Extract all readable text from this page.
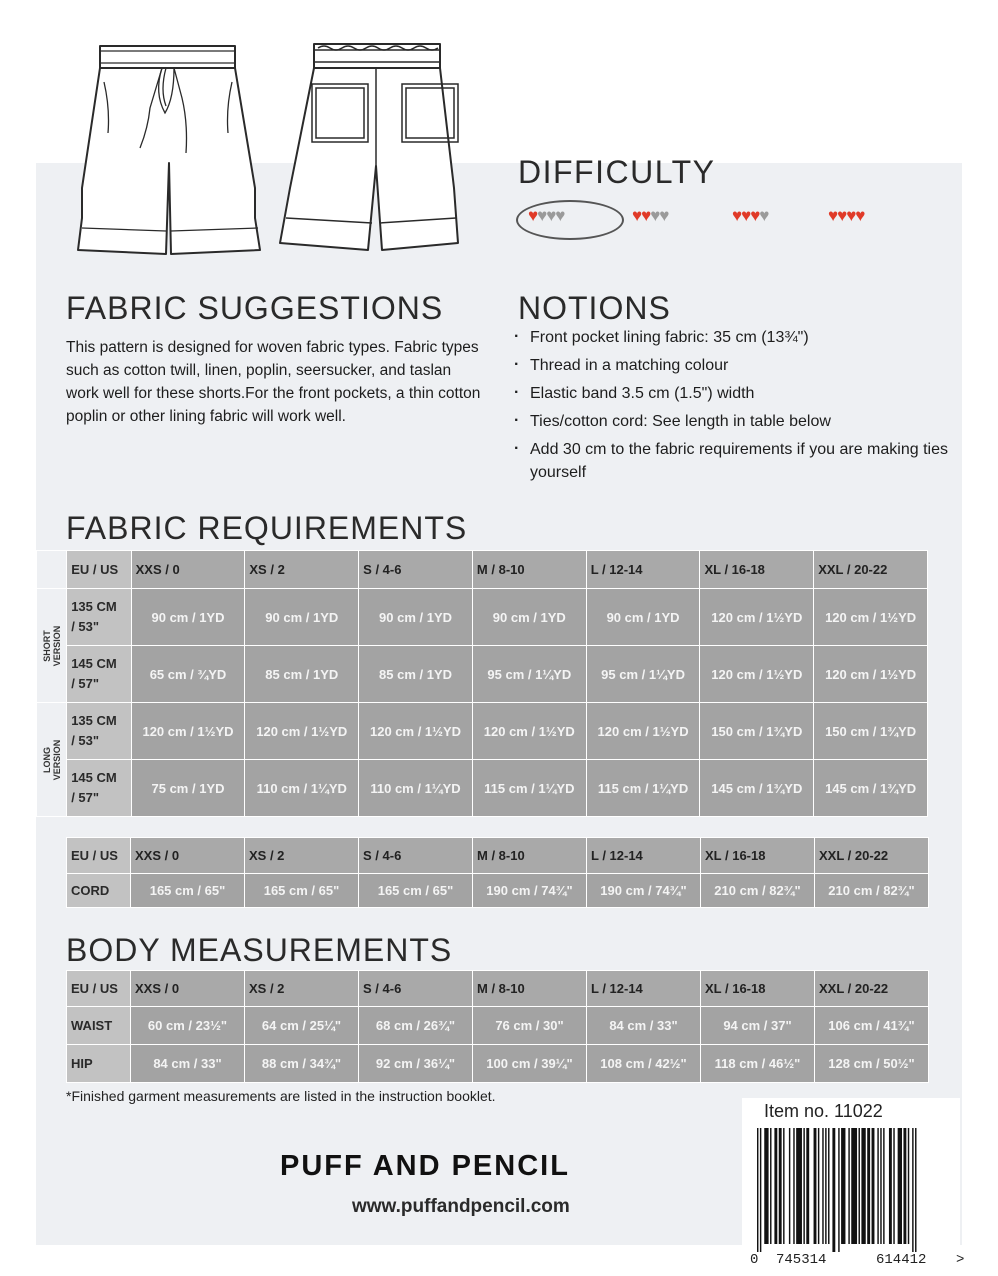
DIFFICULTY
♥♥♥♥	♥♥♥♥	♥♥♥♥	♥♥♥♥
FABRIC SUGGESTIONS
This pattern is designed for woven fabric types. Fabric types such as cotton twill, linen, poplin, seersucker, and taslan work well for these shorts.For the front pockets, a thin cotton poplin or other lining fabric will work well.
NOTIONS
· Front pocket lining fabric: 35 cm (13¾")
· Thread in a matching colour
· Elastic band 3.5 cm (1.5") width
· Ties/cotton cord: See length in table below
· Add 30 cm to the fabric requirements if you are making ties yourself
FABRIC REQUIREMENTS
	EU / US	XXS / 0	XS / 2	S / 4-6	M / 8-10	L / 12-14	XL / 16-18	XXL / 20-22

SHORT
VERSION	135 CM
/ 53"	90 cm / 1YD	90 cm / 1YD	90 cm / 1YD	90 cm / 1YD	90 cm / 1YD	120 cm / 1½YD	120 cm / 1½YD
	145 CM
/ 57"	65 cm / ¾YD	85 cm / 1YD	85 cm / 1YD	95 cm / 1¼YD	95 cm / 1¼YD	120 cm / 1½YD	120 cm / 1½YD

LONG
VERSION	135 CM
/ 53"	120 cm / 1½YD	120 cm / 1½YD	120 cm / 1½YD	120 cm / 1½YD	120 cm / 1½YD	150 cm / 1¾YD	150 cm / 1¾YD
	145 CM
/ 57"	75 cm / 1YD	110 cm / 1¼YD	110 cm / 1¼YD	115 cm / 1¼YD	115 cm / 1¼YD	145 cm / 1¾YD	145 cm / 1¾YD
EU / US	XXS / 0	XS / 2	S / 4-6	M / 8-10	L / 12-14	XL / 16-18	XXL / 20-22
CORD	165 cm / 65"	165 cm / 65"	165 cm / 65"	190 cm / 74¾"	190 cm / 74¾"	210 cm / 82¾"	210 cm / 82¾"
BODY MEASUREMENTS
EU / US	XXS / 0	XS / 2	S / 4-6	M / 8-10	L / 12-14	XL / 16-18	XXL / 20-22
WAIST	60 cm / 23½"	64 cm / 25¼"	68 cm / 26¾"	76 cm / 30"	84 cm / 33"	94 cm / 37"	106 cm / 41¾"
HIP	84 cm / 33"	88 cm / 34¾"	92 cm / 36¼"	100 cm / 39¼"	108 cm / 42½"	118 cm / 46½"	128 cm / 50½"
*Finished garment measurements are listed in the instruction booklet.
PUFF AND PENCIL
www.puffandpencil.com
Item no. 11022
0 745314	614412 >
